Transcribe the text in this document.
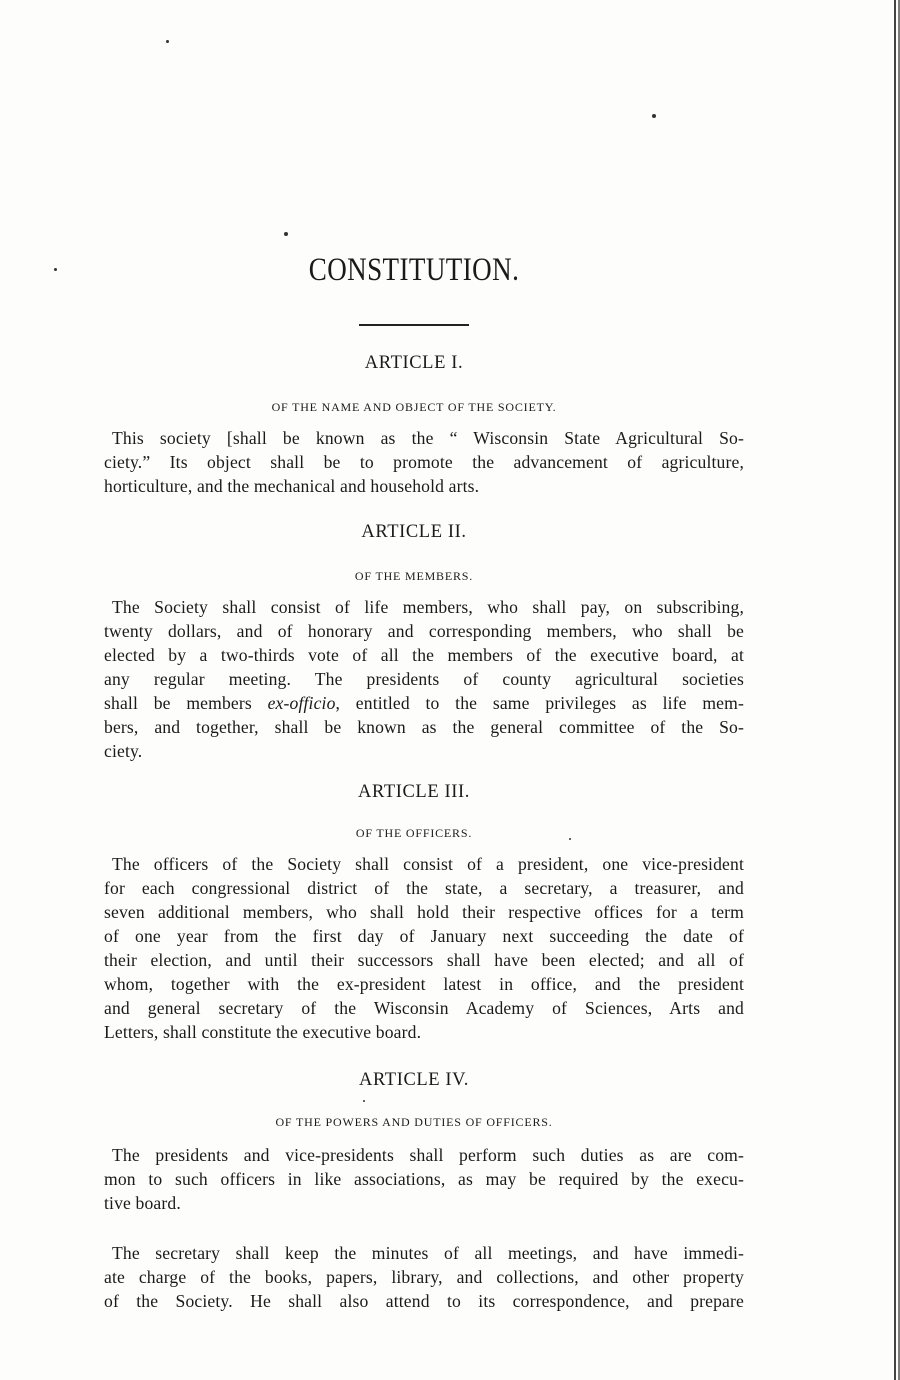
CONSTITUTION.
ARTICLE I.
OF THE NAME AND OBJECT OF THE SOCIETY.
This society [shall be known as the “ Wisconsin State Agricultural So-
ciety.” Its object shall be to promote the advancement of agriculture,
horticulture, and the mechanical and household arts.
ARTICLE II.
OF THE MEMBERS.
The Society shall consist of life members, who shall pay, on subscribing,
twenty dollars, and of honorary and corresponding members, who shall be
elected by a two-thirds vote of all the members of the executive board, at
any regular meeting. The presidents of county agricultural societies
shall be members ex-officio, entitled to the same privileges as life mem-
bers, and together, shall be known as the general committee of the So-
ciety.
ARTICLE III.
OF THE OFFICERS.
The officers of the Society shall consist of a president, one vice-president
for each congressional district of the state, a secretary, a treasurer, and
seven additional members, who shall hold their respective offices for a term
of one year from the first day of January next succeeding the date of
their election, and until their successors shall have been elected; and all of
whom, together with the ex-president latest in office, and the president
and general secretary of the Wisconsin Academy of Sciences, Arts and
Letters, shall constitute the executive board.
ARTICLE IV.
OF THE POWERS AND DUTIES OF OFFICERS.
The presidents and vice-presidents shall perform such duties as are com-
mon to such officers in like associations, as may be required by the execu-
tive board.
The secretary shall keep the minutes of all meetings, and have immedi-
ate charge of the books, papers, library, and collections, and other property
of the Society. He shall also attend to its correspondence, and prepare
